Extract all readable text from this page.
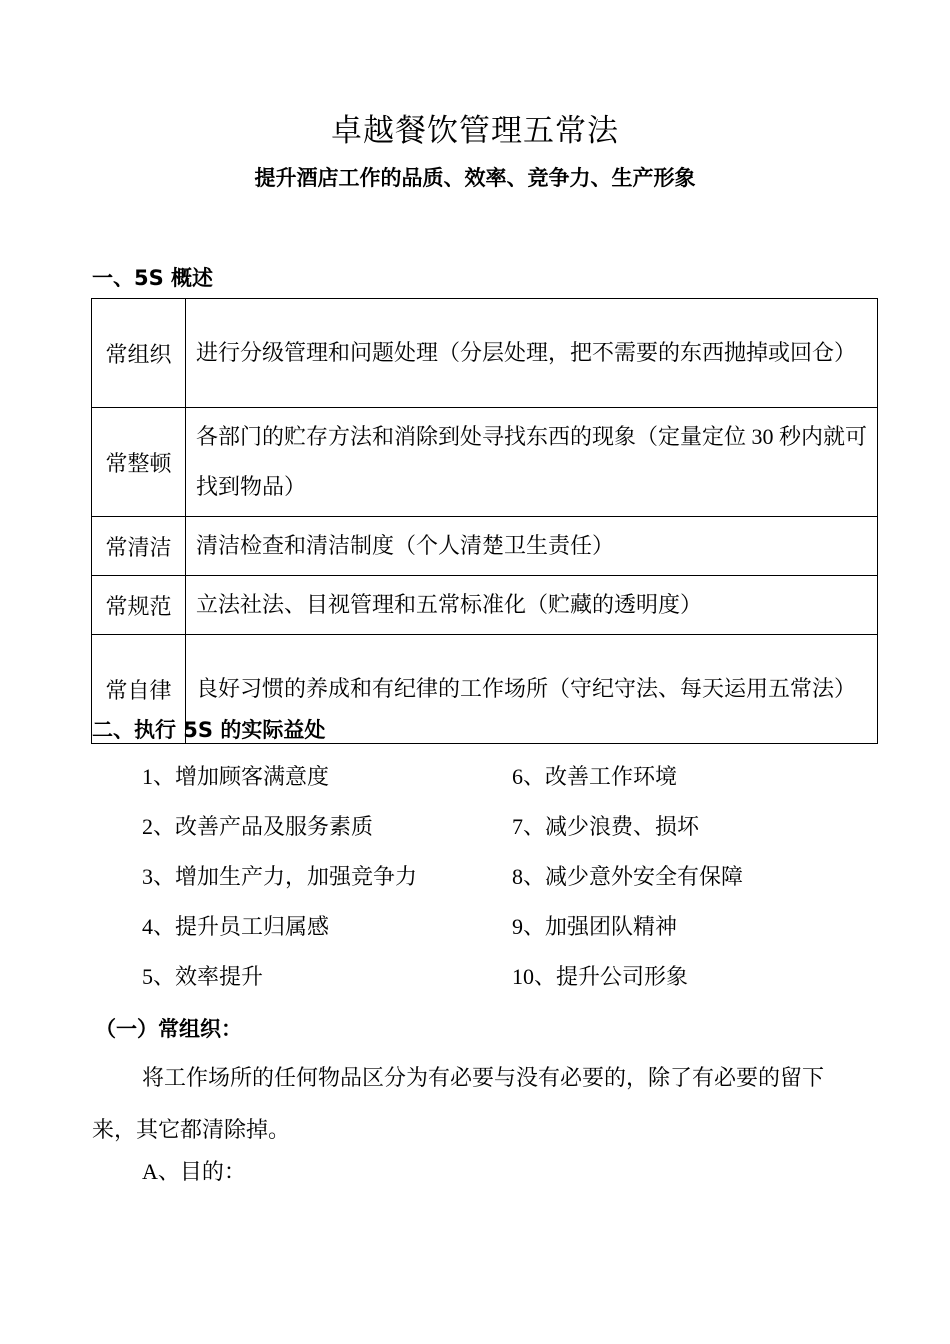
卓越餐饮管理五常法
提升酒店工作的品质、效率、竞争力、生产形象
一、5S 概述
常组织	进行分级管理和问题处理（分层处理，把不需要的东西抛掉或回仓）
常整顿	各部门的贮存方法和消除到处寻找东西的现象（定量定位 30 秒内就可找到物品）
常清洁	清洁检查和清洁制度（个人清楚卫生责任）
常规范	立法社法、目视管理和五常标准化（贮藏的透明度）
常自律	良好习惯的养成和有纪律的工作场所（守纪守法、每天运用五常法）
二、执行 5S 的实际益处
1、增加顾客满意度	6、改善工作环境
2、改善产品及服务素质	7、减少浪费、损坏
3、增加生产力，加强竞争力	8、减少意外安全有保障
4、提升员工归属感	9、加强团队精神
5、效率提升	10、提升公司形象
（一）常组织：
将工作场所的任何物品区分为有必要与没有必要的，除了有必要的留下来，其它都清除掉。
A、目的：
